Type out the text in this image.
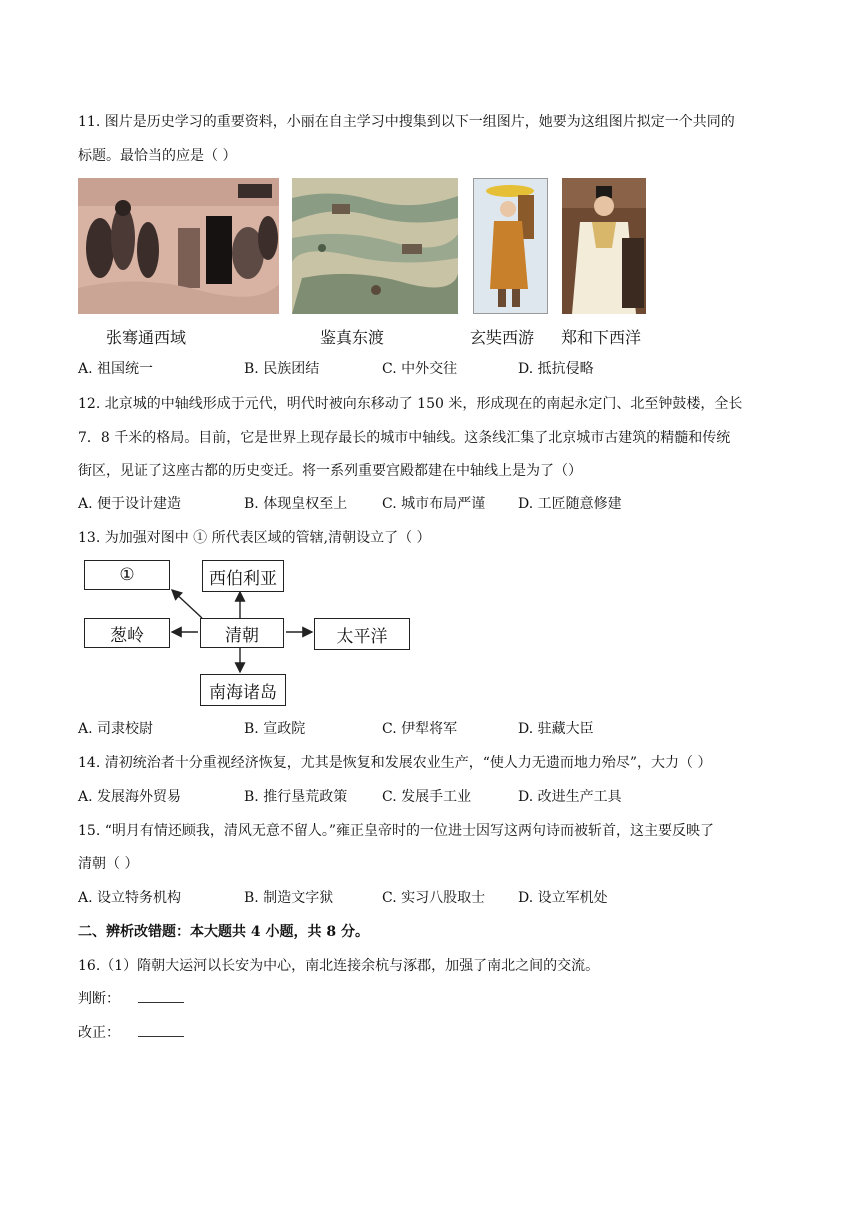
11. 图片是历史学习的重要资料，小丽在自主学习中搜集到以下一组图片，她要为这组图片拟定一个共同的
标题。最恰当的应是（ ）
张骞通西域	鉴真东渡	玄奘西游 郑和下西洋
A. 祖国统一	B. 民族团结	C. 中外交往	D. 抵抗侵略
12. 北京城的中轴线形成于元代，明代时被向东移动了 150 米，形成现在的南起永定门、北至钟鼓楼，全长
7．8 千米的格局。目前，它是世界上现存最长的城市中轴线。这条线汇集了北京城市古建筑的精髓和传统
街区，见证了这座古都的历史变迁。将一系列重要宫殿都建在中轴线上是为了（）
A. 便于设计建造	B. 体现皇权至上 C. 城市布局严谨 D. 工匠随意修建
13. 为加强对图中 ① 所代表区域的管辖,清朝设立了（ ）
①	西伯利亚
葱岭	清朝	太平洋
南海诸岛
A. 司隶校尉	B. 宣政院	C. 伊犁将军	D. 驻藏大臣
14. 清初统治者十分重视经济恢复，尤其是恢复和发展农业生产，“使人力无遗而地力殆尽”，大力（ ）
A. 发展海外贸易	B. 推行垦荒政策 C. 发展手工业	D. 改进生产工具
15. “明月有情还顾我，清风无意不留人。”雍正皇帝时的一位进士因写这两句诗而被斩首，这主要反映了
清朝（ ）
A. 设立特务机构	B. 制造文字狱	C. 实习八股取士 D. 设立军机处
二、辨析改错题：本大题共 4 小题，共 8 分。
16.（1）隋朝大运河以长安为中心，南北连接余杭与涿郡，加强了南北之间的交流。
判断：
改正：
